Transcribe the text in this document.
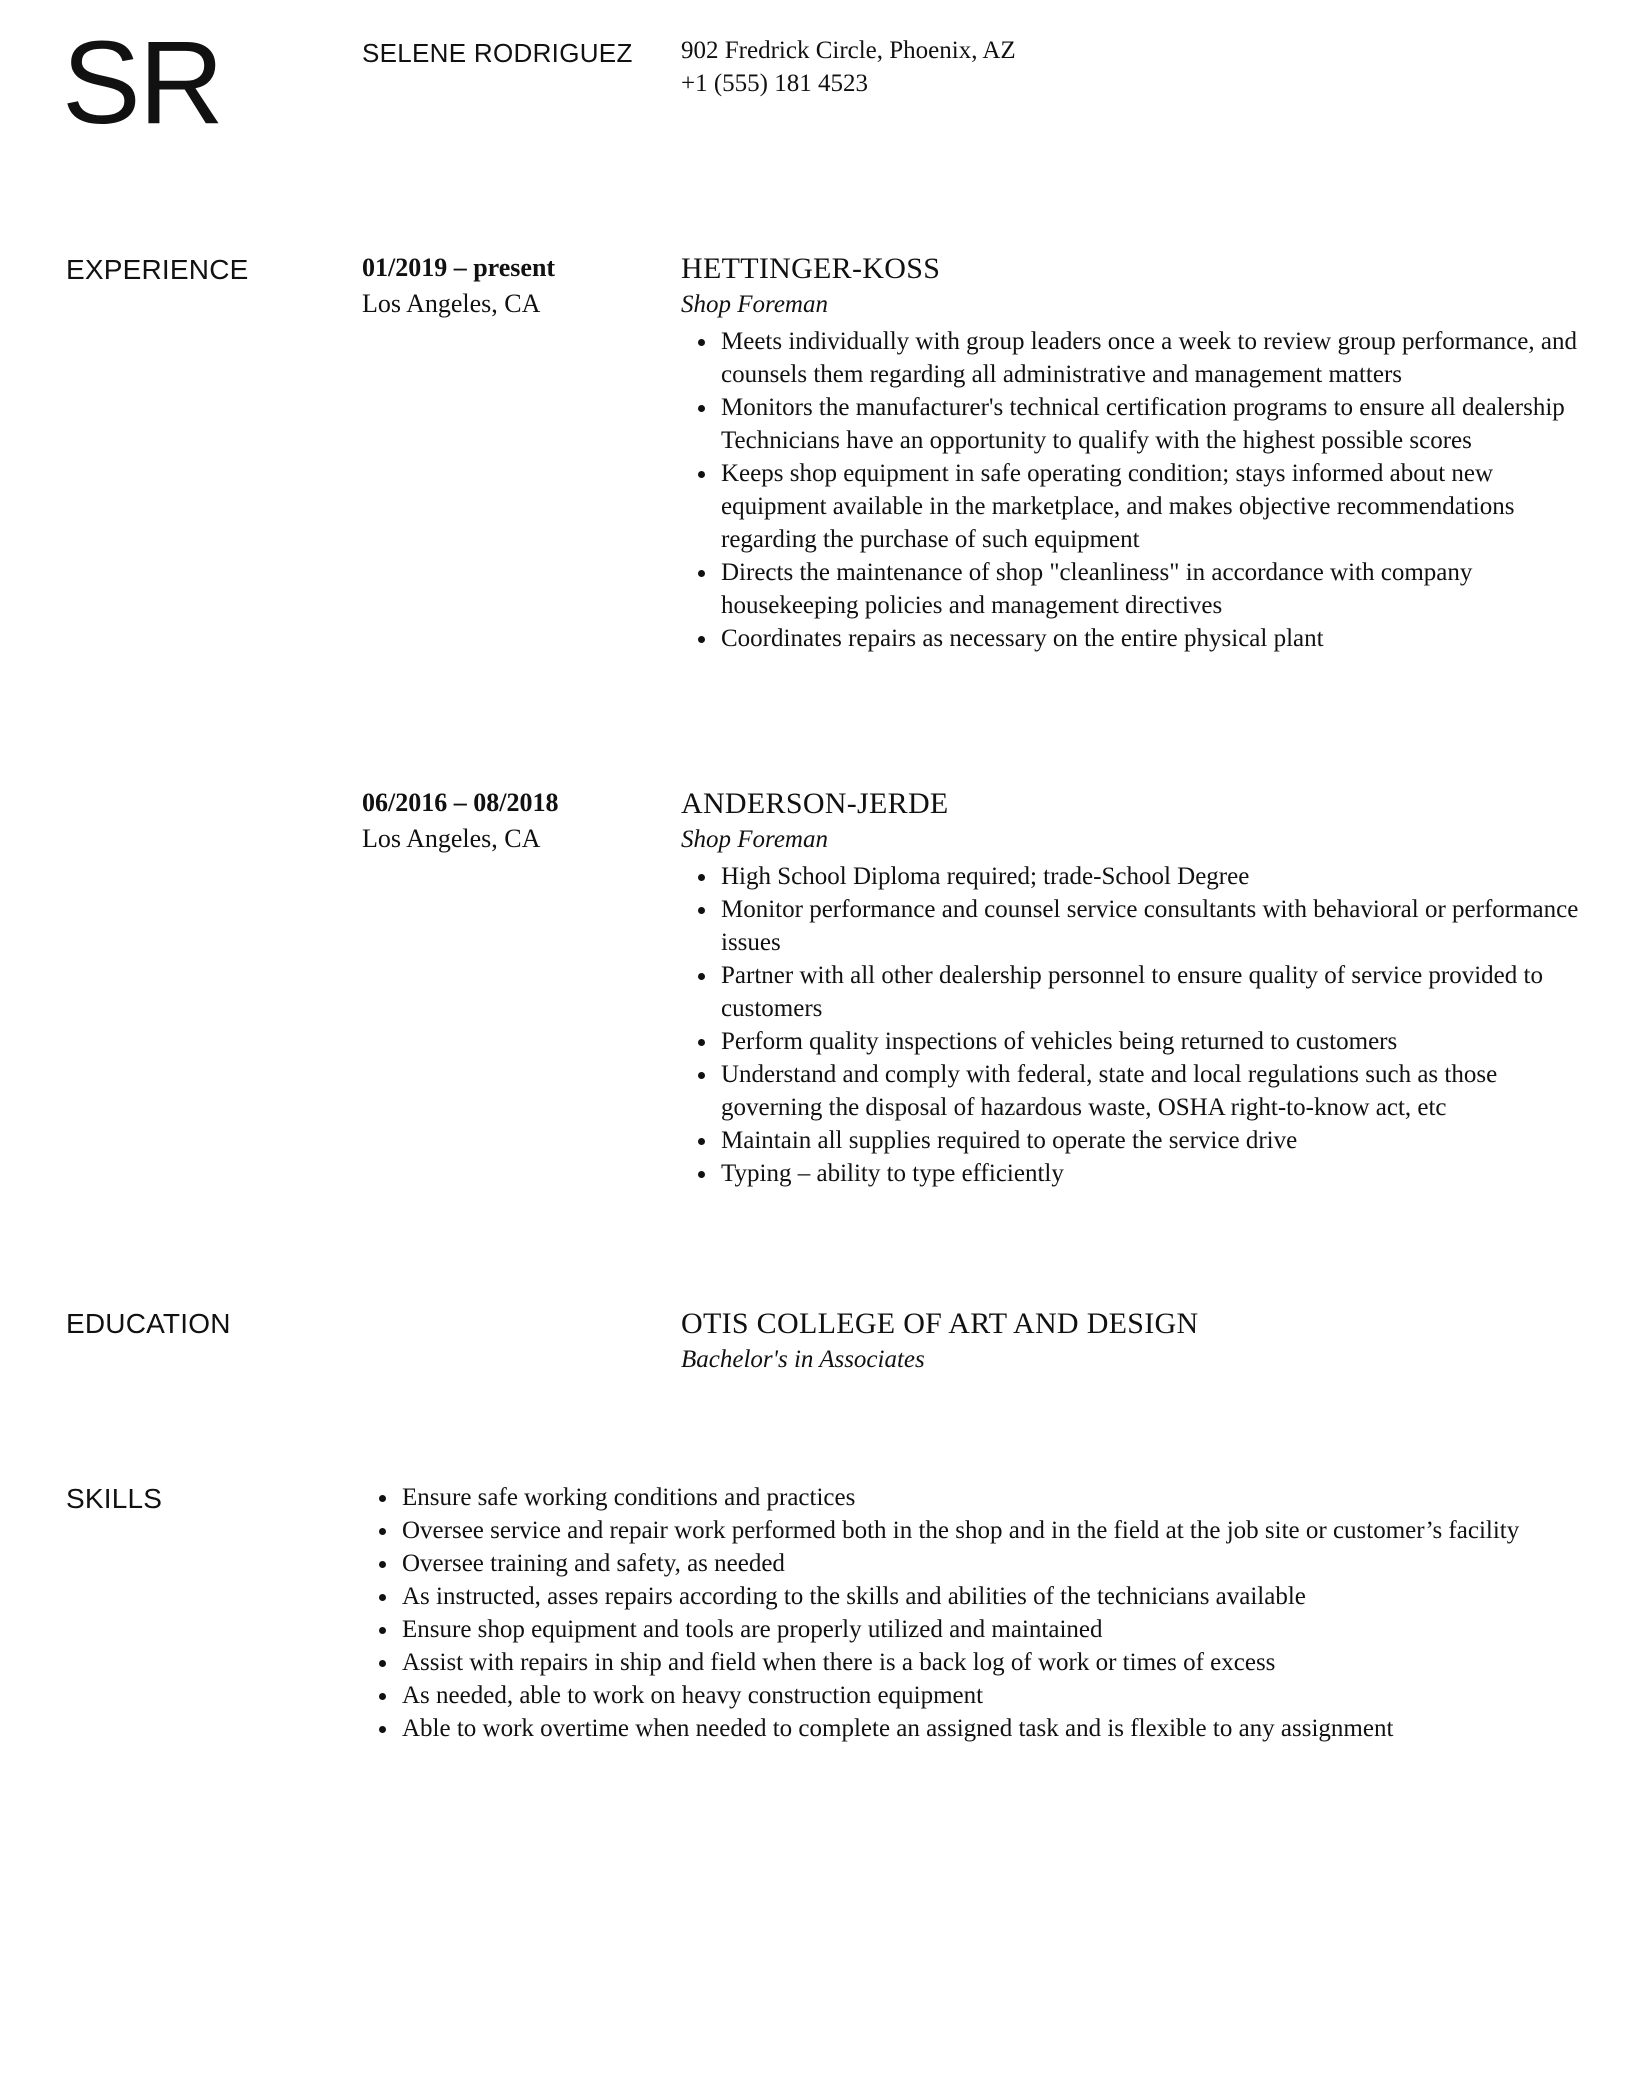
SR	SELENE RODRIGUEZ 902 Fredrick Circle, Phoenix, AZ
+1 (555) 181 4523
EXPERIENCE	01/2019 – present
Los Angeles, CA
HETTINGER-KOSS
Shop Foreman
Meets individually with group leaders once a week to review group performance, and counsels them regarding all administrative and management matters
Monitors the manufacturer's technical certification programs to ensure all dealership Technicians have an opportunity to qualify with the highest possible scores
Keeps shop equipment in safe operating condition; stays informed about new equipment available in the marketplace, and makes objective recommendations regarding the purchase of such equipment
Directs the maintenance of shop "cleanliness" in accordance with company housekeeping policies and management directives
Coordinates repairs as necessary on the entire physical plant
06/2016 – 08/2018
Los Angeles, CA
ANDERSON-JERDE
Shop Foreman
High School Diploma required; trade-School Degree
Monitor performance and counsel service consultants with behavioral or performance issues
Partner with all other dealership personnel to ensure quality of service provided to customers
Perform quality inspections of vehicles being returned to customers
Understand and comply with federal, state and local regulations such as those governing the disposal of hazardous waste, OSHA right-to-know act, etc
Maintain all supplies required to operate the service drive
Typing – ability to type efficiently
EDUCATION	OTIS COLLEGE OF ART AND DESIGN
Bachelor's in Associates
SKILLS	Ensure safe working conditions and practices
Oversee service and repair work performed both in the shop and in the field at the job site or customer’s facility
Oversee training and safety, as needed
As instructed, asses repairs according to the skills and abilities of the technicians available
Ensure shop equipment and tools are properly utilized and maintained
Assist with repairs in ship and field when there is a back log of work or times of excess
As needed, able to work on heavy construction equipment
Able to work overtime when needed to complete an assigned task and is flexible to any assignment
